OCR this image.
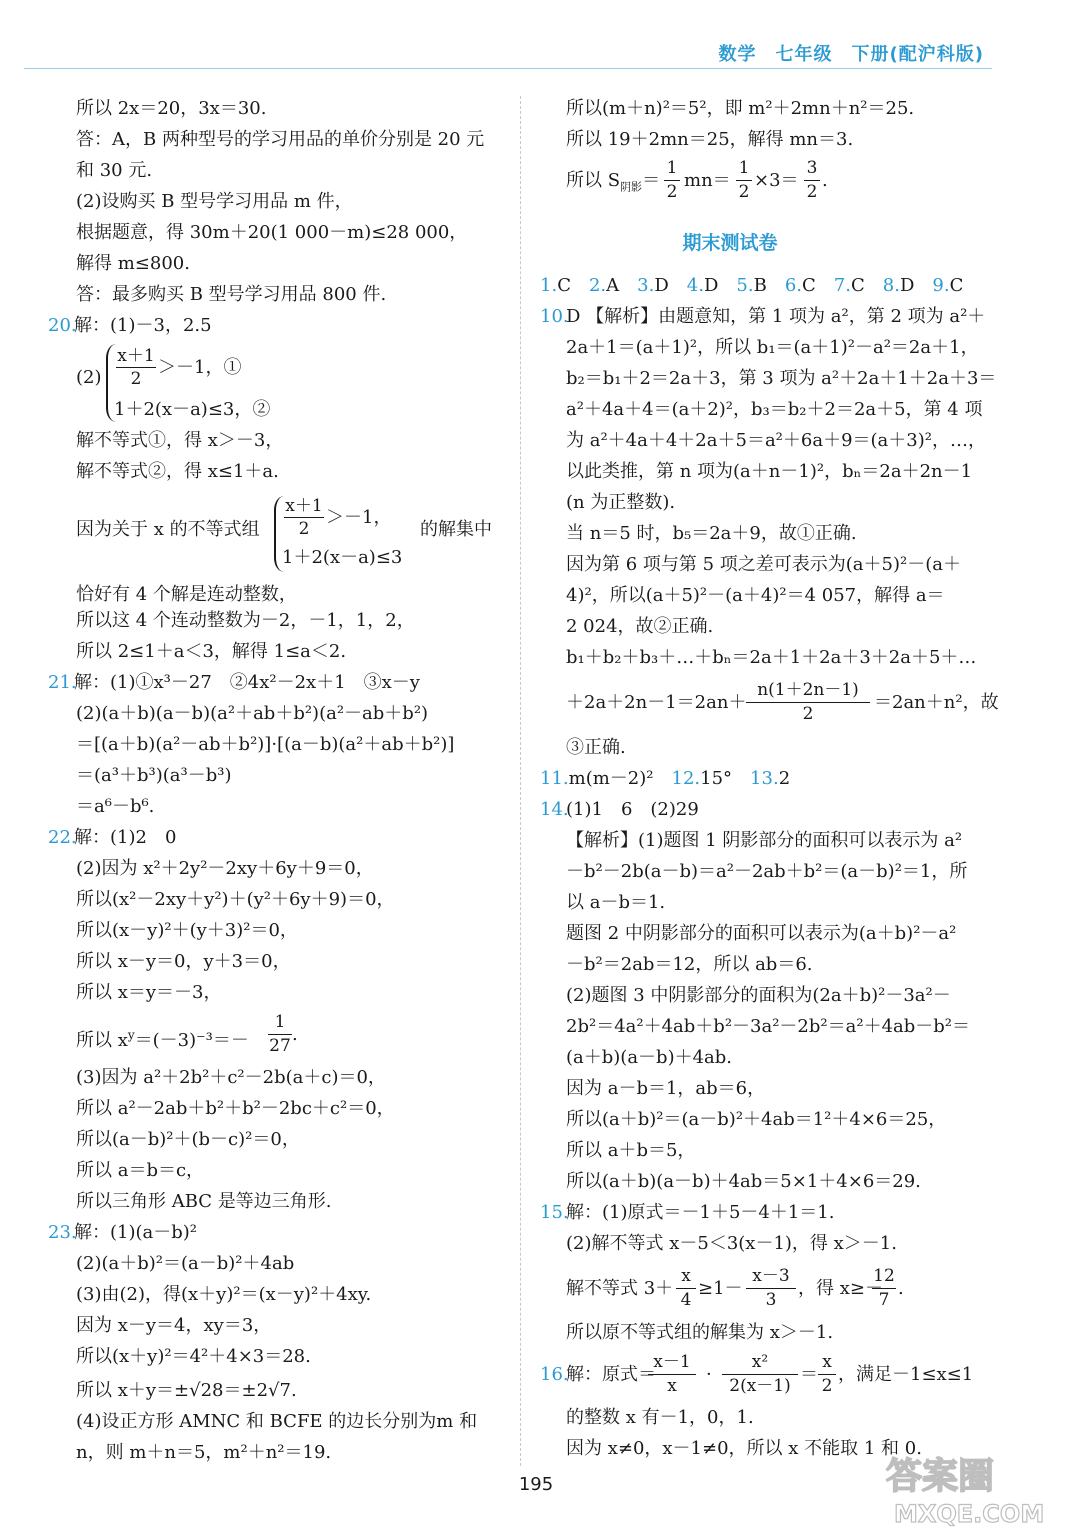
数学　七年级　下册(配沪科版)
所以 2x＝20，3x＝30.
答：A，B 两种型号的学习用品的单价分别是 20 元
和 30 元.
(2)设购买 B 型号学习用品 m 件，
根据题意，得 30m＋20(1 000－m)≤28 000，
解得 m≤800.
答：最多购买 B 型号学习用品 800 件.
20.
解：(1)－3，2.5
解不等式①，得 x＞－3，
解不等式②，得 x≤1＋a.
恰好有 4 个解是连动整数，
所以这 4 个连动整数为－2，－1，1，2，
所以 2≤1＋a＜3，解得 1≤a＜2.
21.
解：(1)①x³－27　②4x²－2x＋1　③x－y
(2)(a＋b)(a－b)(a²＋ab＋b²)(a²－ab＋b²)
＝[(a＋b)(a²－ab＋b²)]·[(a－b)(a²＋ab＋b²)]
＝(a³＋b³)(a³－b³)
＝a⁶－b⁶.
22.
解：(1)2　0
(2)因为 x²＋2y²－2xy＋6y＋9＝0，
所以(x²－2xy＋y²)＋(y²＋6y＋9)＝0，
所以(x－y)²＋(y＋3)²＝0，
所以 x－y＝0，y＋3＝0，
所以 x＝y＝－3，
(3)因为 a²＋2b²＋c²－2b(a＋c)＝0，
所以 a²－2ab＋b²＋b²－2bc＋c²＝0，
所以(a－b)²＋(b－c)²＝0，
所以 a＝b＝c，
所以三角形 ABC 是等边三角形.
23.
解：(1)(a－b)²
(2)(a＋b)²＝(a－b)²＋4ab
(3)由(2)，得(x＋y)²＝(x－y)²＋4xy.
因为 x－y＝4，xy＝3，
所以(x＋y)²＝4²＋4×3＝28.
所以 x＋y＝±√28＝±2√7.
(4)设正方形 AMNC 和 BCFE 的边长分别为m 和
n，则 m＋n＝5，m²＋n²＝19.
所以(m＋n)²＝5²，即 m²＋2mn＋n²＝25.
所以 19＋2mn＝25，解得 mn＝3.
1.C　2.A　3.D　4.D　5.B　6.C　7.C　8.D　9.C
10.
D 【解析】由题意知，第 1 项为 a²，第 2 项为 a²＋
2a＋1＝(a＋1)²，所以 b₁＝(a＋1)²－a²＝2a＋1，
b₂＝b₁＋2＝2a＋3，第 3 项为 a²＋2a＋1＋2a＋3＝
a²＋4a＋4＝(a＋2)²，b₃＝b₂＋2＝2a＋5，第 4 项
为 a²＋4a＋4＋2a＋5＝a²＋6a＋9＝(a＋3)²，…，
以此类推，第 n 项为(a＋n－1)²，bₙ＝2a＋2n－1
(n 为正整数).
当 n＝5 时，b₅＝2a＋9，故①正确.
因为第 6 项与第 5 项之差可表示为(a＋5)²－(a＋
4)²，所以(a＋5)²－(a＋4)²＝4 057，解得 a＝
2 024，故②正确.
b₁＋b₂＋b₃＋…＋bₙ＝2a＋1＋2a＋3＋2a＋5＋…
③正确.
11.m(m－2)²　12.15°　13.2
14.
(1)1　6　(2)29
【解析】(1)题图 1 阴影部分的面积可以表示为 a²
－b²－2b(a－b)＝a²－2ab＋b²＝(a－b)²＝1，所
以 a－b＝1.
题图 2 中阴影部分的面积可以表示为(a＋b)²－a²
－b²＝2ab＝12，所以 ab＝6.
(2)题图 3 中阴影部分的面积为(2a＋b)²－3a²－
2b²＝4a²＋4ab＋b²－3a²－2b²＝a²＋4ab－b²＝
(a＋b)(a－b)＋4ab.
因为 a－b＝1，ab＝6，
所以(a＋b)²＝(a－b)²＋4ab＝1²＋4×6＝25，
所以 a＋b＝5，
所以(a＋b)(a－b)＋4ab＝5×1＋4×6＝29.
15.
解：(1)原式＝－1＋5－4＋1＝1.
(2)解不等式 x－5＜3(x－1)，得 x＞－1.
所以原不等式组的解集为 x＞－1.
的整数 x 有－1，0，1.
因为 x≠0，x－1≠0，所以 x 不能取 1 和 0.
(2)
x＋1
2
＞－1，①
1＋2(x－a)≤3，②
因为关于 x 的不等式组
x＋1
2
＞－1，
1＋2(x－a)≤3
的解集中
所以 $x^y=(-3)^{-3}=-$
1
27
.
所以 $S_{阴影}=$
1
2
mn＝
1
2
×3＝
3
2
.
期末测试卷
＋2a＋2n－1＝2an＋
n(1＋2n－1)
2
＝2an＋n²，故
解不等式 3＋
x
4
≥1－
x－3
3
，得 x≥－
12
7
.
16.
解：原式＝
x－1
x
·
x²
2(x－1)
＝
x
2
，满足－1≤x≤1
195	答案圈
MXQE.COM
